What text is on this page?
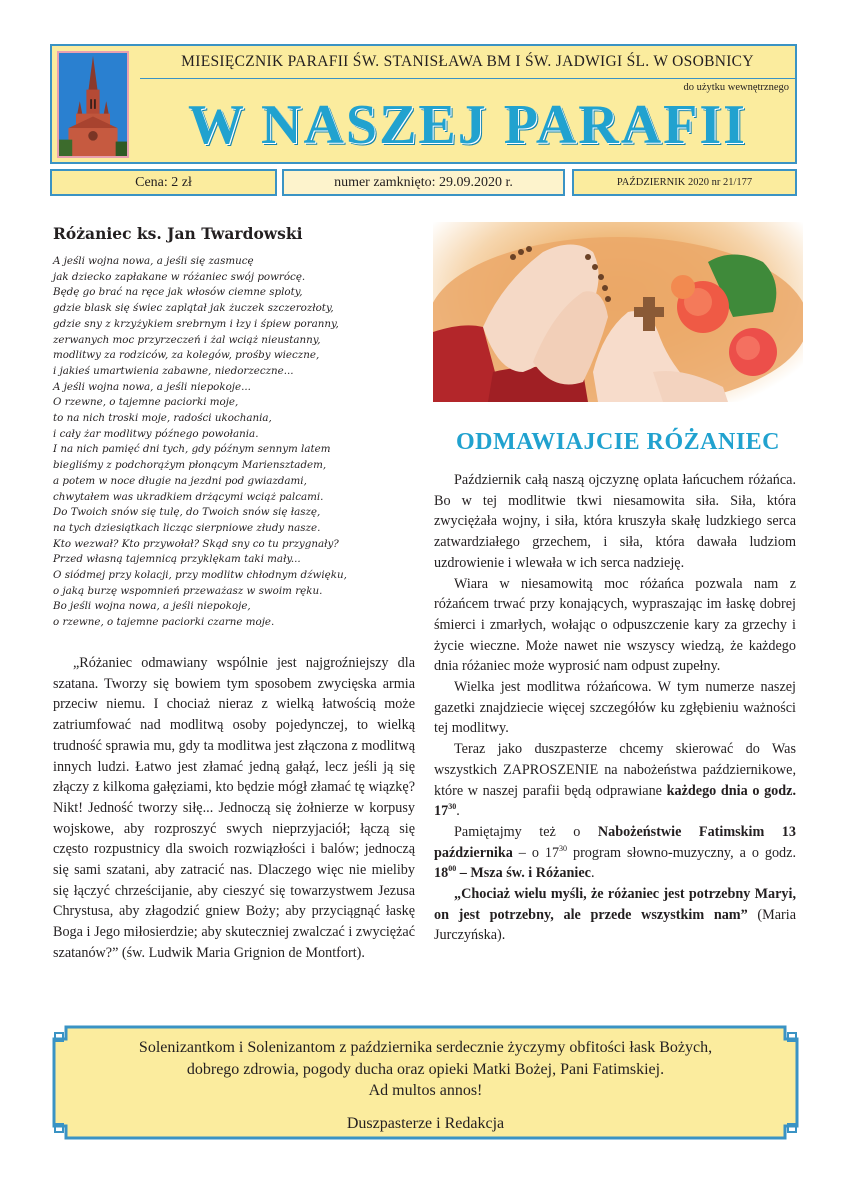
MIESIĘCZNIK PARAFII ŚW. STANISŁAWA BM I ŚW. JADWIGI ŚL. W OSOBNICY
do użytku wewnętrznego
W NASZEJ PARAFII
Cena: 2 zł	numer zamknięto: 29.09.2020 r.	PAŹDZIERNIK 2020 nr 21/177
Różaniec ks. Jan Twardowski
A jeśli wojna nowa, a jeśli się zasmucę
jak dziecko zapłakane w różaniec swój powrócę.
Będę go brać na ręce jak włosów ciemne sploty,
gdzie blask się świec zaplątał jak żuczek szczerozłoty,
gdzie sny z krzyżykiem srebrnym i łzy i śpiew poranny,
zerwanych moc przyrzeczeń i żal wciąż nieustanny,
modlitwy za rodziców, za kolegów, prośby wieczne,
i jakieś umartwienia zabawne, niedorzeczne...
A jeśli wojna nowa, a jeśli niepokoje...
O rzewne, o tajemne paciorki moje,
to na nich troski moje, radości ukochania,
i cały żar modlitwy późnego powołania.
I na nich pamięć dni tych, gdy późnym sennym latem
biegliśmy z podchorążym płonącym Mariensztadem,
a potem w noce długie na jezdni pod gwiazdami,
chwytałem was ukradkiem drżącymi wciąż palcami.
Do Twoich snów się tulę, do Twoich snów się łaszę,
na tych dziesiątkach licząc sierpniowe złudy nasze.
Kto wezwał? Kto przywołał? Skąd sny co tu przygnały?
Przed własną tajemnicą przyklękam taki mały...
O siódmej przy kolacji, przy modlitw chłodnym dźwięku,
o jaką burzę wspomnień przeważasz w swoim ręku.
Bo jeśli wojna nowa, a jeśli niepokoje,
o rzewne, o tajemne paciorki czarne moje.

„Różaniec odmawiany wspólnie jest najgroźniejszy dla szatana. Tworzy się bowiem tym sposobem zwycięska armia przeciw niemu. I chociaż nieraz z wielką łatwością może zatriumfować nad modlitwą osoby pojedynczej, to wielką trudność sprawia mu, gdy ta modlitwa jest złączona z modlitwą innych ludzi. Łatwo jest złamać jedną gałąź, lecz jeśli ją się złączy z kilkoma gałęziami, kto będzie mógł złamać tę wiązkę? Nikt! Jedność tworzy siłę... Jednoczą się żołnierze w korpusy wojskowe, aby rozproszyć swych nieprzyjaciół; łączą się często rozpustnicy dla swoich rozwiązłości i balów; jednoczą się sami szatani, aby zatracić nas. Dlaczego więc nie mieliby się łączyć chrześcijanie, aby cieszyć się towarzystwem Jezusa Chrystusa, aby złagodzić gniew Boży; aby przyciągnąć łaskę Boga i Jego miłosierdzie; aby skuteczniej zwalczać i zwyciężać szatanów?” (św. Ludwik Maria Grignion de Montfort).

ODMAWIAJCIE RÓŻANIEC

Październik całą naszą ojczyznę oplata łańcuchem różańca. Bo w tej modlitwie tkwi niesamowita siła. Siła, która zwyciężała wojny, i siła, która kruszyła skałę ludzkiego serca zatwardziałego grzechem, i siła, która dawała ludziom uzdrowienie i wlewała w ich serca nadzieję.

Wiara w niesamowitą moc różańca pozwala nam z różańcem trwać przy konających, wypraszając im łaskę dobrej śmierci i zmarłych, wołając o odpuszczenie kary za grzechy i życie wieczne. Może nawet nie wszyscy wiedzą, że każdego dnia różaniec może wyprosić nam odpust zupełny.

Wielka jest modlitwa różańcowa. W tym numerze naszej gazetki znajdziecie więcej szczegółów ku zgłębieniu ważności tej modlitwy.

Teraz jako duszpasterze chcemy skierować do Was wszystkich ZAPROSZENIE na nabożeństwa październikowe, które w naszej parafii będą odprawiane każdego dnia o godz. $17^{30}$.

Pamiętajmy też o Nabożeństwie Fatimskim 13 października – o $17^{30}$ program słowno-muzyczny, a o godz. $18^{00}$ – Msza św. i Różaniec.

„Chociaż wielu myśli, że różaniec jest potrzebny Maryi, on jest potrzebny, ale przede wszystkim nam” (Maria Jurczyńska).

Solenizantkom i Solenizantom z października serdecznie życzymy obfitości łask Bożych,
dobrego zdrowia, pogody ducha oraz opieki Matki Bożej, Pani Fatimskiej.
Ad multos annos!
Duszpasterze i Redakcja
